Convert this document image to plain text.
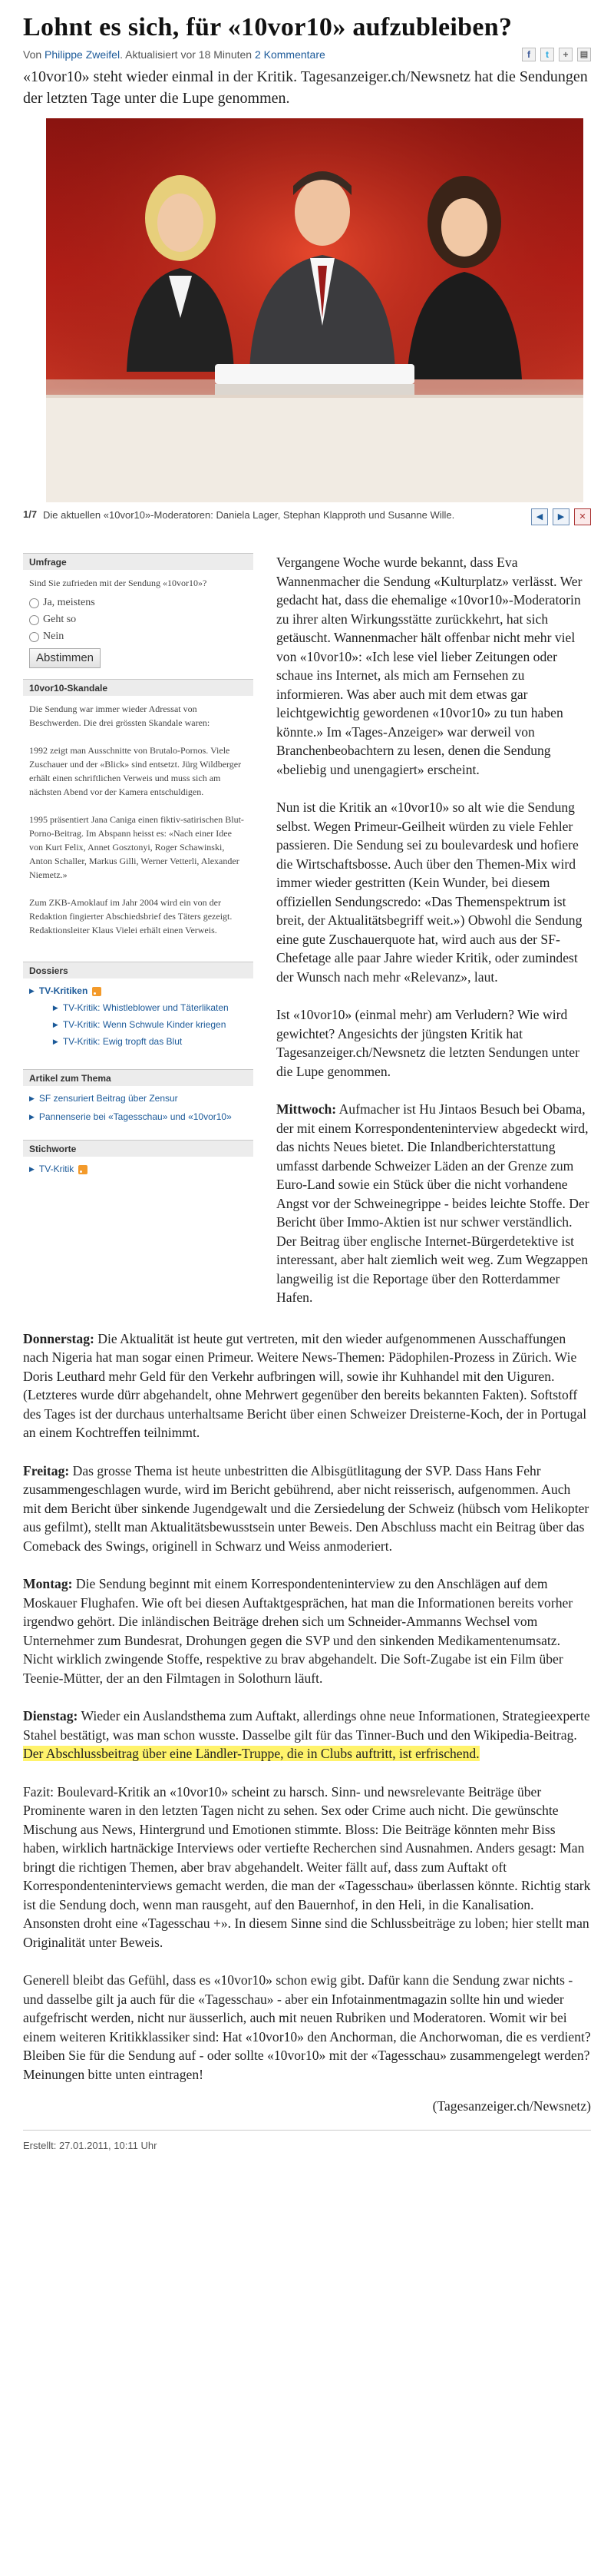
Lohnt es sich, für «10vor10» aufzubleiben?
Von Philippe Zweifel. Aktualisiert vor 18 Minuten 2 Kommentare	f	t	+	▤

«10vor10» steht wieder einmal in der Kritik. Tagesanzeiger.ch/Newsnetz hat die Sendungen der letzten Tage unter die Lupe genommen.

1/7 Die aktuellen «10vor10»-Moderatoren: Daniela Lager, Stephan Klapproth und Susanne Wille.	◀	▶	✕
Umfrage
Sind Sie zufrieden mit der Sendung «10vor10»?
Ja, meistens
Geht so
Nein
Abstimmen
10vor10-Skandale

Die Sendung war immer wieder Adressat von Beschwerden. Die drei grössten Skandale waren:

1992 zeigt man Ausschnitte von Brutalo-Pornos. Viele Zuschauer und der «Blick» sind entsetzt. Jürg Wildberger erhält einen schriftlichen Verweis und muss sich am nächsten Abend vor der Kamera entschuldigen.

1995 präsentiert Jana Caniga einen fiktiv-satirischen Blut-Porno-Beitrag. Im Abspann heisst es: «Nach einer Idee von Kurt Felix, Annet Gosztonyi, Roger Schawinski, Anton Schaller, Markus Gilli, Werner Vetterli, Alexander Niemetz.»

Zum ZKB-Amoklauf im Jahr 2004 wird ein von der Redaktion fingierter Abschiedsbrief des Täters gezeigt. Redaktionsleiter Klaus Vielei erhält einen Verweis.

Dossiers
▶ TV-Kritiken
▶ TV-Kritik: Whistleblower und Täterlikaten
▶ TV-Kritik: Wenn Schwule Kinder kriegen
▶ TV-Kritik: Ewig tropft das Blut
Artikel zum Thema
▶ SF zensuriert Beitrag über Zensur
▶ Pannenserie bei «Tagesschau» und «10vor10»
Stichworte
▶ TV-Kritik

Vergangene Woche wurde bekannt, dass Eva Wannenmacher die Sendung «Kulturplatz» verlässt. Wer gedacht hat, dass die ehemalige «10vor10»-Moderatorin zu ihrer alten Wirkungsstätte zurückkehrt, hat sich getäuscht. Wannenmacher hält offenbar nicht mehr viel von «10vor10»: «Ich lese viel lieber Zeitungen oder schaue ins Internet, als mich am Fernsehen zu informieren. Was aber auch mit dem etwas gar leichtgewichtig gewordenen «10vor10» zu tun haben könnte.» Im «Tages-Anzeiger» war derweil von Branchenbeobachtern zu lesen, denen die Sendung «beliebig und unengagiert» erscheint.

Nun ist die Kritik an «10vor10» so alt wie die Sendung selbst. Wegen Primeur-Geilheit würden zu viele Fehler passieren. Die Sendung sei zu boulevardesk und hofiere die Wirtschaftsbosse. Auch über den Themen-Mix wird immer wieder gestritten (Kein Wunder, bei diesem offiziellen Sendungscredo: «Das Themenspektrum ist breit, der Aktualitätsbegriff weit.») Obwohl die Sendung eine gute Zuschauerquote hat, wird auch aus der SF-Chefetage alle paar Jahre wieder Kritik, oder zumindest der Wunsch nach mehr «Relevanz», laut.

Ist «10vor10» (einmal mehr) am Verludern? Wie wird gewichtet? Angesichts der jüngsten Kritik hat Tagesanzeiger.ch/Newsnetz die letzten Sendungen unter die Lupe genommen.

Mittwoch: Aufmacher ist Hu Jintaos Besuch bei Obama, der mit einem Korrespondenteninterview abgedeckt wird, das nichts Neues bietet. Die Inlandberichterstattung umfasst darbende Schweizer Läden an der Grenze zum Euro-Land sowie ein Stück über die nicht vorhandene Angst vor der Schweinegrippe - beides leichte Stoffe. Der Bericht über Immo-Aktien ist nur schwer verständlich. Der Beitrag über englische Internet-Bürgerdetektive ist interessant, aber halt ziemlich weit weg. Zum Wegzappen langweilig ist die Reportage über den Rotterdammer Hafen.

Donnerstag: Die Aktualität ist heute gut vertreten, mit den wieder aufgenommenen Ausschaffungen nach Nigeria hat man sogar einen Primeur. Weitere News-Themen: Pädophilen-Prozess in Zürich. Wie Doris Leuthard mehr Geld für den Verkehr aufbringen will, sowie ihr Kuhhandel mit den Uiguren. (Letzteres wurde dürr abgehandelt, ohne Mehrwert gegenüber den bereits bekannten Fakten). Softstoff des Tages ist der durchaus unterhaltsame Bericht über einen Schweizer Dreisterne-Koch, der in Portugal an einem Kochtreffen teilnimmt.

Freitag: Das grosse Thema ist heute unbestritten die Albisgütlitagung der SVP. Dass Hans Fehr zusammengeschlagen wurde, wird im Bericht gebührend, aber nicht reisserisch, aufgenommen. Auch mit dem Bericht über sinkende Jugendgewalt und die Zersiedelung der Schweiz (hübsch vom Helikopter aus gefilmt), stellt man Aktualitätsbewusstsein unter Beweis. Den Abschluss macht ein Beitrag über das Comeback des Swings, originell in Schwarz und Weiss anmoderiert.

Montag: Die Sendung beginnt mit einem Korrespondenteninterview zu den Anschlägen auf dem Moskauer Flughafen. Wie oft bei diesen Auftaktgesprächen, hat man die Informationen bereits vorher irgendwo gehört. Die inländischen Beiträge drehen sich um Schneider-Ammanns Wechsel vom Unternehmer zum Bundesrat, Drohungen gegen die SVP und den sinkenden Medikamentenumsatz. Nicht wirklich zwingende Stoffe, respektive zu brav abgehandelt. Die Soft-Zugabe ist ein Film über Teenie-Mütter, der an den Filmtagen in Solothurn läuft.

Dienstag: Wieder ein Auslandsthema zum Auftakt, allerdings ohne neue Informationen, Strategieexperte Stahel bestätigt, was man schon wusste. Dasselbe gilt für das Tinner-Buch und den Wikipedia-Beitrag. Der Abschlussbeitrag über eine Ländler-Truppe, die in Clubs auftritt, ist erfrischend.

Fazit: Boulevard-Kritik an «10vor10» scheint zu harsch. Sinn- und newsrelevante Beiträge über Prominente waren in den letzten Tagen nicht zu sehen. Sex oder Crime auch nicht. Die gewünschte Mischung aus News, Hintergrund und Emotionen stimmte. Bloss: Die Beiträge könnten mehr Biss haben, wirklich hartnäckige Interviews oder vertiefte Recherchen sind Ausnahmen. Anders gesagt: Man bringt die richtigen Themen, aber brav abgehandelt. Weiter fällt auf, dass zum Auftakt oft Korrespondenteninterviews gemacht werden, die man der «Tagesschau» überlassen könnte. Richtig stark ist die Sendung doch, wenn man rausgeht, auf den Bauernhof, in den Heli, in die Kanalisation. Ansonsten droht eine «Tagesschau +». In diesem Sinne sind die Schlussbeiträge zu loben; hier stellt man Originalität unter Beweis.

Generell bleibt das Gefühl, dass es «10vor10» schon ewig gibt. Dafür kann die Sendung zwar nichts - und dasselbe gilt ja auch für die «Tagesschau» - aber ein Infotainmentmagazin sollte hin und wieder aufgefrischt werden, nicht nur äusserlich, auch mit neuen Rubriken und Moderatoren. Womit wir bei einem weiteren Kritikklassiker sind: Hat «10vor10» den Anchorman, die Anchorwoman, die es verdient? Bleiben Sie für die Sendung auf - oder sollte «10vor10» mit der «Tagesschau» zusammengelegt werden? Meinungen bitte unten eintragen!

(Tagesanzeiger.ch/Newsnetz)
Erstellt: 27.01.2011, 10:11 Uhr
